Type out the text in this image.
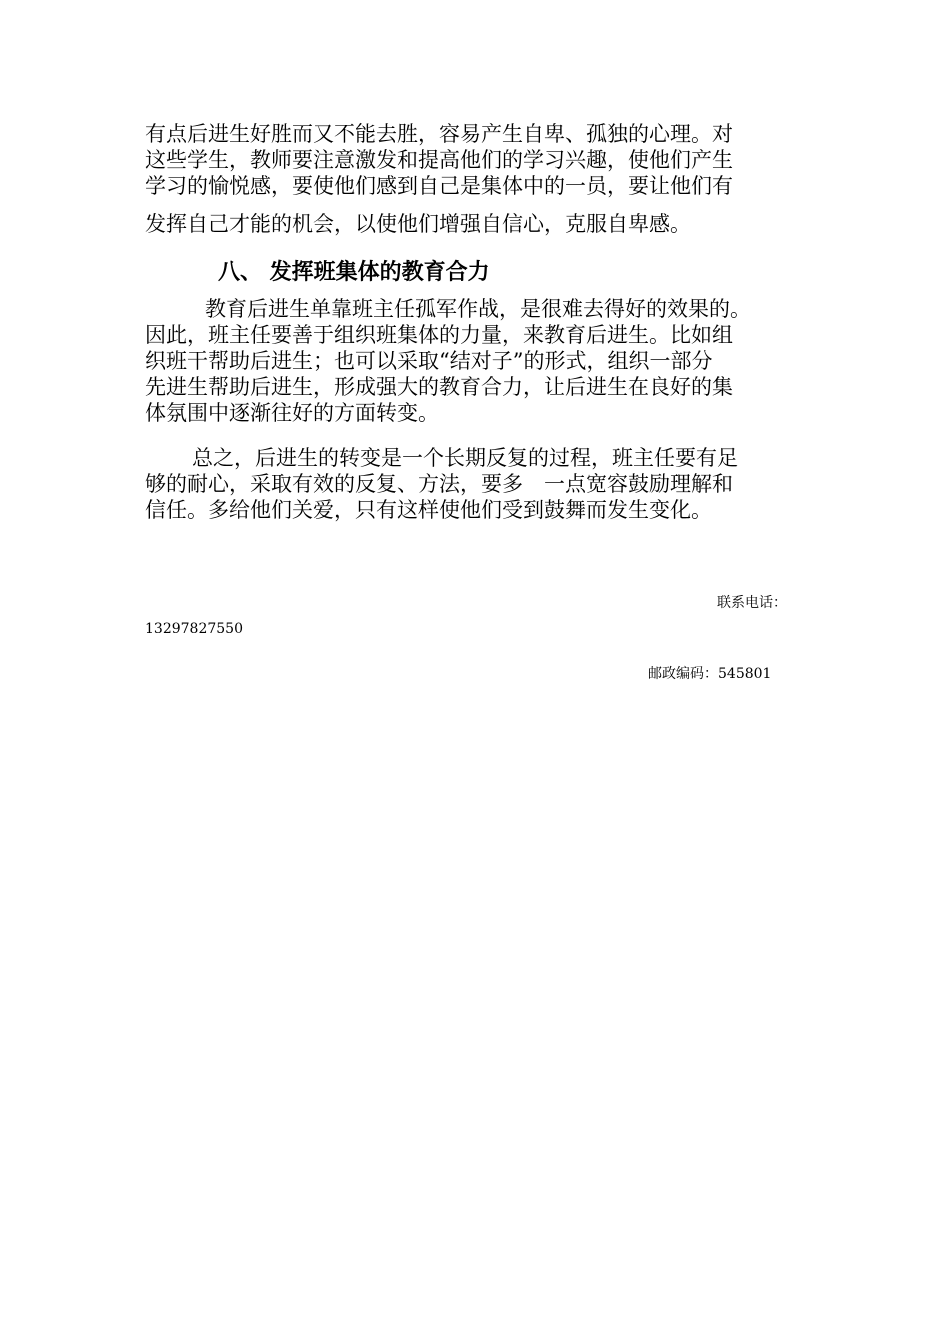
有点后进生好胜而又不能去胜，容易产生自卑、孤独的心理。对
这些学生，教师要注意激发和提高他们的学习兴趣，使他们产生
学习的愉悦感，要使他们感到自己是集体中的一员，要让他们有
发挥自己才能的机会，以使他们增强自信心，克服自卑感。
八、 发挥班集体的教育合力
教育后进生单靠班主任孤军作战，是很难去得好的效果的。
因此，班主任要善于组织班集体的力量，来教育后进生。比如组
织班干帮助后进生；也可以采取“结对子”的形式，组织一部分
先进生帮助后进生，形成强大的教育合力，让后进生在良好的集
体氛围中逐渐往好的方面转变。
总之，后进生的转变是一个长期反复的过程，班主任要有足
够的耐心，采取有效的反复、方法，要多　一点宽容鼓励理解和
信任。多给他们关爱，只有这样使他们受到鼓舞而发生变化。
联系电话：
13297827550
邮政编码：545801
